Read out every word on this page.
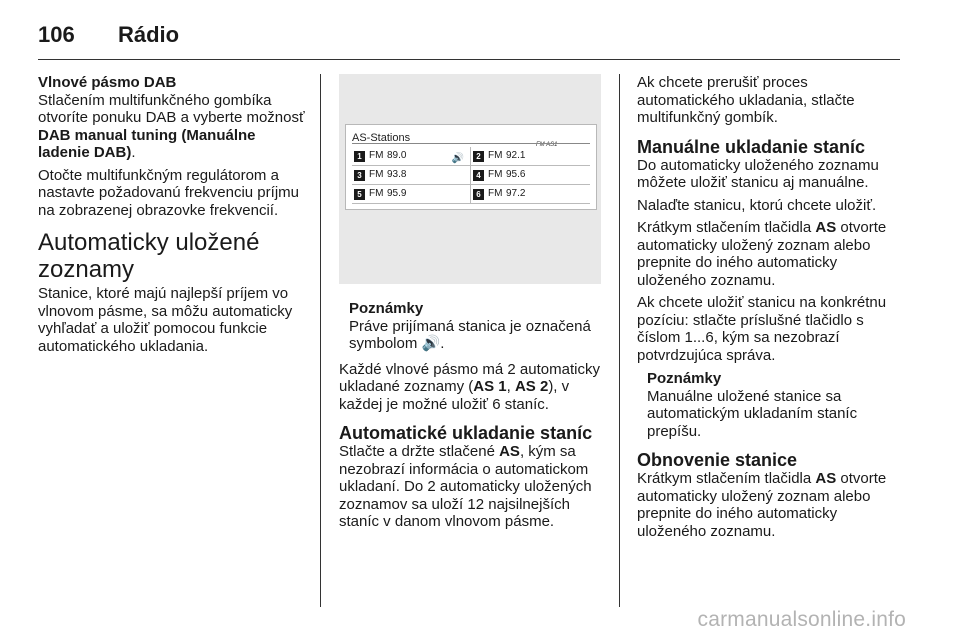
106	Rádio
Vlnové pásmo DAB

Stlačením multifunkčného gombíka otvoríte ponuku DAB a vyberte možnosť DAB manual tuning (Manuálne ladenie DAB).

Otočte multifunkčným regulátorom a nastavte požadovanú frekvenciu príjmu na zobrazenej obrazovke frekvencií.

Automaticky uložené zoznamy

Stanice, ktoré majú najlepší príjem vo vlnovom pásme, sa môžu automaticky vyhľadať a uložiť pomocou funkcie automatického ukladania.

AS-Stations
FM AS1
1 FM 89.0	🔊	2 FM 92.1
3 FM 93.8	4 FM 95.6
5 FM 95.9	6 FM 97.2
Poznámky
Práve prijímaná stanica je označená symbolom 🔊.

Každé vlnové pásmo má 2 automaticky ukladané zoznamy (AS 1, AS 2), v každej je možné uložiť 6 staníc.

Automatické ukladanie staníc

Stlačte a držte stlačené AS, kým sa nezobrazí informácia o automatickom ukladaní. Do 2 automaticky uložených zoznamov sa uloží 12 najsilnejších staníc v danom vlnovom pásme.

Ak chcete prerušiť proces automatického ukladania, stlačte multifunkčný gombík.

Manuálne ukladanie staníc

Do automaticky uloženého zoznamu môžete uložiť stanicu aj manuálne.

Nalaďte stanicu, ktorú chcete uložiť.

Krátkym stlačením tlačidla AS otvorte automaticky uložený zoznam alebo prepnite do iného automaticky uloženého zoznamu.

Ak chcete uložiť stanicu na konkrétnu pozíciu: stlačte príslušné tlačidlo s číslom 1...6, kým sa nezobrazí potvrdzujúca správa.

Poznámky
Manuálne uložené stanice sa automatickým ukladaním staníc prepíšu.
Obnovenie stanice

Krátkym stlačením tlačidla AS otvorte automaticky uložený zoznam alebo prepnite do iného automaticky uloženého zoznamu.

carmanualsonline.info
